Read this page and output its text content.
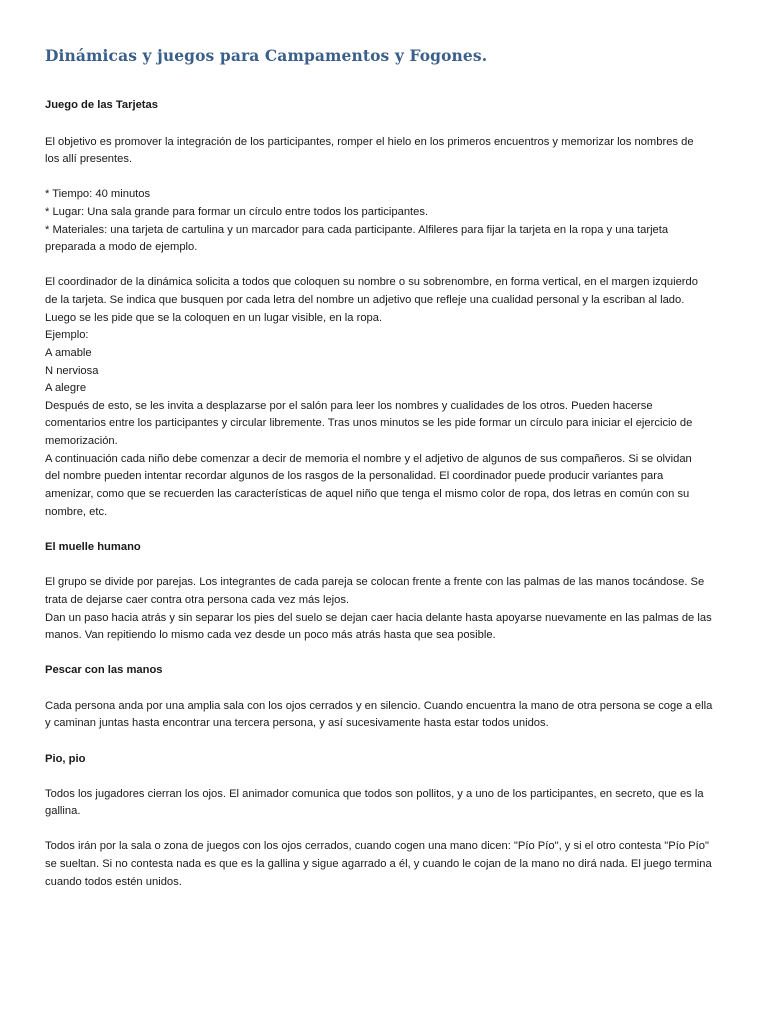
Dinámicas y juegos para Campamentos y Fogones.

Juego de las Tarjetas

El objetivo es promover la integración de los participantes, romper el hielo en los primeros encuentros y memorizar los nombres de

los allí presentes.

* Tiempo: 40 minutos

* Lugar: Una sala grande para formar un círculo entre todos los participantes.

* Materiales: una tarjeta de cartulina y un marcador para cada participante. Alfileres para fijar la tarjeta en la ropa y una tarjeta

preparada a modo de ejemplo.

El coordinador de la dinámica solicita a todos que coloquen su nombre o su sobrenombre, en forma vertical, en el margen izquierdo

de la tarjeta. Se indica que busquen por cada letra del nombre un adjetivo que refleje una cualidad personal y la escriban al lado.

Luego se les pide que se la coloquen en un lugar visible, en la ropa.

Ejemplo:

A amable

N nerviosa

A alegre

Después de esto, se les invita a desplazarse por el salón para leer los nombres y cualidades de los otros. Pueden hacerse

comentarios entre los participantes y circular libremente. Tras unos minutos se les pide formar un círculo para iniciar el ejercicio de

memorización.

A continuación cada niño debe comenzar a decir de memoria el nombre y el adjetivo de algunos de sus compañeros. Si se olvidan

del nombre pueden intentar recordar algunos de los rasgos de la personalidad. El coordinador puede producir variantes para

amenizar, como que se recuerden las características de aquel niño que tenga el mismo color de ropa, dos letras en común con su

nombre, etc.

El muelle humano

El grupo se divide por parejas. Los integrantes de cada pareja se colocan frente a frente con las palmas de las manos tocándose. Se

trata de dejarse caer contra otra persona cada vez más lejos.

Dan un paso hacia atrás y sin separar los pies del suelo se dejan caer hacia delante hasta apoyarse nuevamente en las palmas de las

manos. Van repitiendo lo mismo cada vez desde un poco más atrás hasta que sea posible.

Pescar con las manos

Cada persona anda por una amplia sala con los ojos cerrados y en silencio. Cuando encuentra la mano de otra persona se coge a ella

y caminan juntas hasta encontrar una tercera persona, y así sucesivamente hasta estar todos unidos.

Pio, pio

Todos los jugadores cierran los ojos. El animador comunica que todos son pollitos, y a uno de los participantes, en secreto, que es la

gallina.

Todos irán por la sala o zona de juegos con los ojos cerrados, cuando cogen una mano dicen: "Pío Pío", y si el otro contesta "Pío Pío"

se sueltan. Si no contesta nada es que es la gallina y sigue agarrado a él, y cuando le cojan de la mano no dirá nada. El juego termina

cuando todos estén unidos.
